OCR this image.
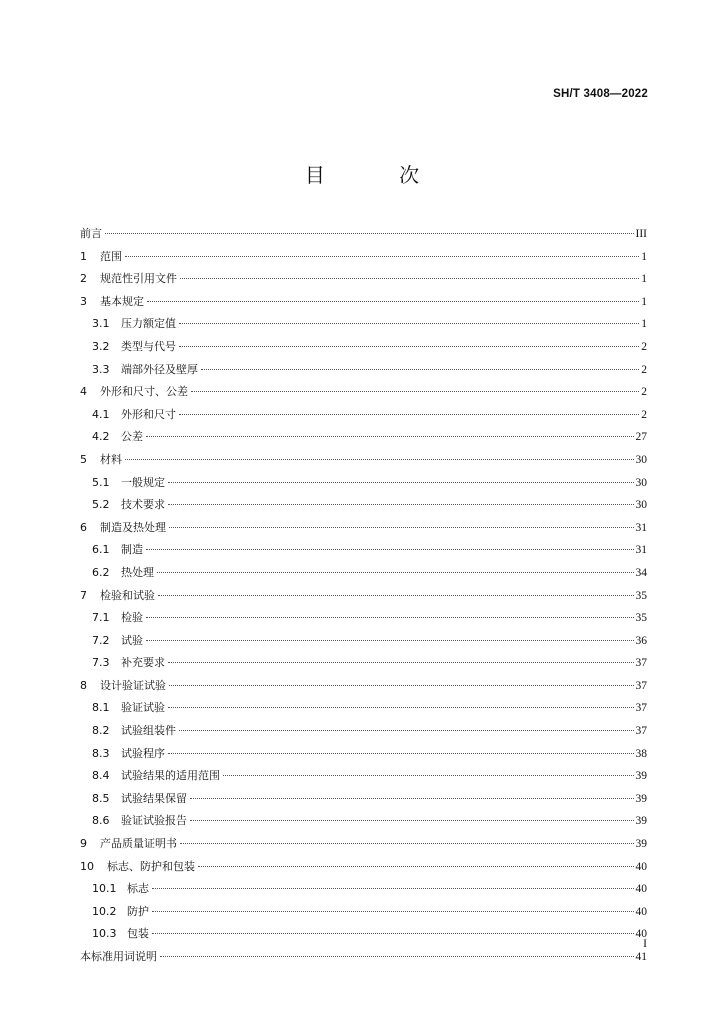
SH/T 3408—2022
目 次
前言	III
1	范围	1
2	规范性引用文件	1
3	基本规定	1
3.1	压力额定值	1
3.2	类型与代号	2
3.3	端部外径及壁厚	2
4	外形和尺寸、公差	2
4.1	外形和尺寸	2
4.2	公差	27
5	材料	30
5.1	一般规定	30
5.2	技术要求	30
6	制造及热处理	31
6.1	制造	31
6.2	热处理	34
7	检验和试验	35
7.1	检验	35
7.2	试验	36
7.3	补充要求	37
8	设计验证试验	37
8.1	验证试验	37
8.2	试验组装件	37
8.3	试验程序	38
8.4	试验结果的适用范围	39
8.5	试验结果保留	39
8.6	验证试验报告	39
9	产品质量证明书	39
10	标志、防护和包装	40
10.1 标志	40
10.2 防护	40
10.3 包装	40
本标准用词说明	41
I
